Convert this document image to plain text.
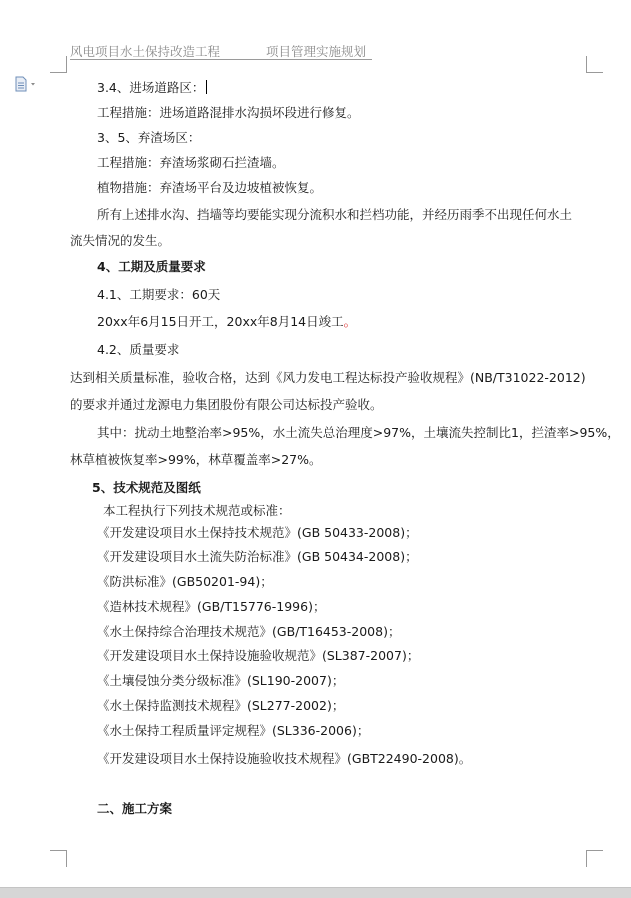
风电项目水土保持改造工程	项目管理实施规划
3.4、进场道路区：
工程措施：进场道路混排水沟损坏段进行修复。
3、5、弃渣场区：
工程措施：弃渣场浆砌石拦渣墙。
植物措施：弃渣场平台及边坡植被恢复。
所有上述排水沟、挡墙等均要能实现分流积水和拦档功能，并经历雨季不出现任何水土
流失情况的发生。
4、工期及质量要求
4.1、工期要求：60天
20xx年6月15日开工，20xx年8月14日竣工。
4.2、质量要求
达到相关质量标准，验收合格，达到《风力发电工程达标投产验收规程》(NB/T31022-2012)
的要求并通过龙源电力集团股份有限公司达标投产验收。
其中：扰动土地整治率>95%，水土流失总治理度>97%，土壤流失控制比1，拦渣率>95%，
林草植被恢复率>99%，林草覆盖率>27%。
5、技术规范及图纸
本工程执行下列技术规范或标准：
《开发建设项目水土保持技术规范》(GB 50433-2008)；
《开发建设项目水土流失防治标准》(GB 50434-2008)；
《防洪标准》(GB50201-94)；
《造林技术规程》(GB/T15776-1996)；
《水土保持综合治理技术规范》(GB/T16453-2008)；
《开发建设项目水土保持设施验收规范》(SL387-2007)；
《土壤侵蚀分类分级标准》(SL190-2007)；
《水土保持监测技术规程》(SL277-2002)；
《水土保持工程质量评定规程》(SL336-2006)；
《开发建设项目水土保持设施验收技术规程》(GBT22490-2008)。
二、施工方案
